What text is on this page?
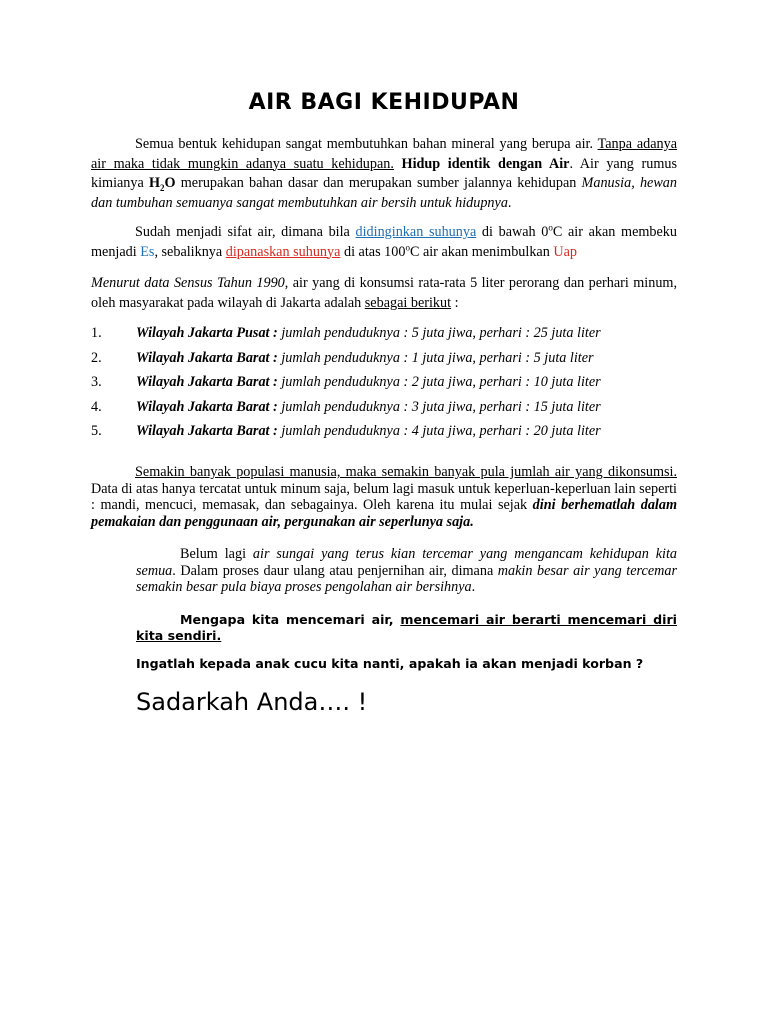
AIR BAGI KEHIDUPAN

Semua bentuk kehidupan sangat membutuhkan bahan mineral yang berupa air. Tanpa adanya air maka tidak mungkin adanya suatu kehidupan. Hidup identik dengan Air. Air yang rumus kimianya $H_2O$ merupakan bahan dasar dan merupakan sumber jalannya kehidupan Manusia, hewan dan tumbuhan semuanya sangat membutuhkan air bersih untuk hidupnya.

Sudah menjadi sifat air, dimana bila didinginkan suhunya di bawah 0$^o$C air akan membeku menjadi Es, sebaliknya dipanaskan suhunya di atas 100$^o$C air akan menimbulkan Uap

Menurut data Sensus Tahun 1990, air yang di konsumsi rata-rata 5 liter perorang dan perhari minum, oleh masyarakat pada wilayah di Jakarta adalah sebagai berikut :

1. Wilayah Jakarta Pusat : jumlah penduduknya : 5 juta jiwa, perhari : 25 juta liter
2. Wilayah Jakarta Barat : jumlah penduduknya : 1 juta jiwa, perhari : 5 juta liter
3. Wilayah Jakarta Barat : jumlah penduduknya : 2 juta jiwa, perhari : 10 juta liter
4. Wilayah Jakarta Barat : jumlah penduduknya : 3 juta jiwa, perhari : 15 juta liter
5. Wilayah Jakarta Barat : jumlah penduduknya : 4 juta jiwa, perhari : 20 juta liter

Semakin banyak populasi manusia, maka semakin banyak pula jumlah air yang dikonsumsi. Data di atas hanya tercatat untuk minum saja, belum lagi masuk untuk keperluan-keperluan lain seperti : mandi, mencuci, memasak, dan sebagainya. Oleh karena itu mulai sejak dini berhematlah dalam pemakaian dan penggunaan air, pergunakan air seperlunya saja.

Belum lagi air sungai yang terus kian tercemar yang mengancam kehidupan kita semua. Dalam proses daur ulang atau penjernihan air, dimana makin besar air yang tercemar semakin besar pula biaya proses pengolahan air bersihnya.

Mengapa kita mencemari air, mencemari air berarti mencemari diri kita sendiri.

Ingatlah kepada anak cucu kita nanti, apakah ia akan menjadi korban ?

Sadarkah Anda…. !
